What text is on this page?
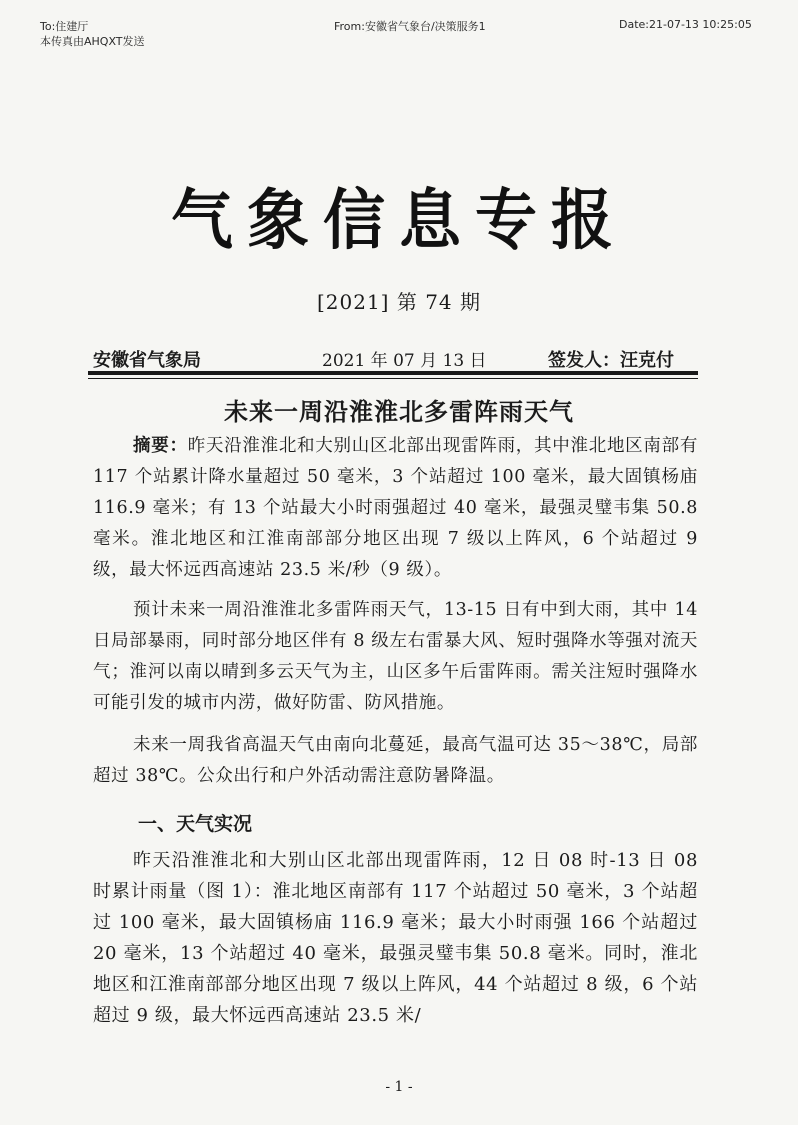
To:住建厅
本传真由AHQXT发送
From:安徽省气象台/决策服务1	Date:21-07-13 10:25:05
气象信息专报
[2021] 第 74 期
安徽省气象局	2021 年 07 月 13 日	签发人：汪克付
未来一周沿淮淮北多雷阵雨天气

摘要：昨天沿淮淮北和大别山区北部出现雷阵雨，其中淮北地区南部有 117 个站累计降水量超过 50 毫米，3 个站超过 100 毫米，最大固镇杨庙 116.9 毫米；有 13 个站最大小时雨强超过 40 毫米，最强灵璧韦集 50.8 毫米。淮北地区和江淮南部部分地区出现 7 级以上阵风，6 个站超过 9 级，最大怀远西高速站 23.5 米/秒（9 级）。

预计未来一周沿淮淮北多雷阵雨天气，13-15 日有中到大雨，其中 14 日局部暴雨，同时部分地区伴有 8 级左右雷暴大风、短时强降水等强对流天气；淮河以南以晴到多云天气为主，山区多午后雷阵雨。需关注短时强降水可能引发的城市内涝，做好防雷、防风措施。

未来一周我省高温天气由南向北蔓延，最高气温可达 35～38℃，局部超过 38℃。公众出行和户外活动需注意防暑降温。

一、天气实况

昨天沿淮淮北和大别山区北部出现雷阵雨，12 日 08 时-13 日 08 时累计雨量（图 1）：淮北地区南部有 117 个站超过 50 毫米，3 个站超过 100 毫米，最大固镇杨庙 116.9 毫米；最大小时雨强 166 个站超过 20 毫米，13 个站超过 40 毫米，最强灵璧韦集 50.8 毫米。同时，淮北地区和江淮南部部分地区出现 7 级以上阵风，44 个站超过 8 级，6 个站超过 9 级，最大怀远西高速站 23.5 米/

- 1 -
